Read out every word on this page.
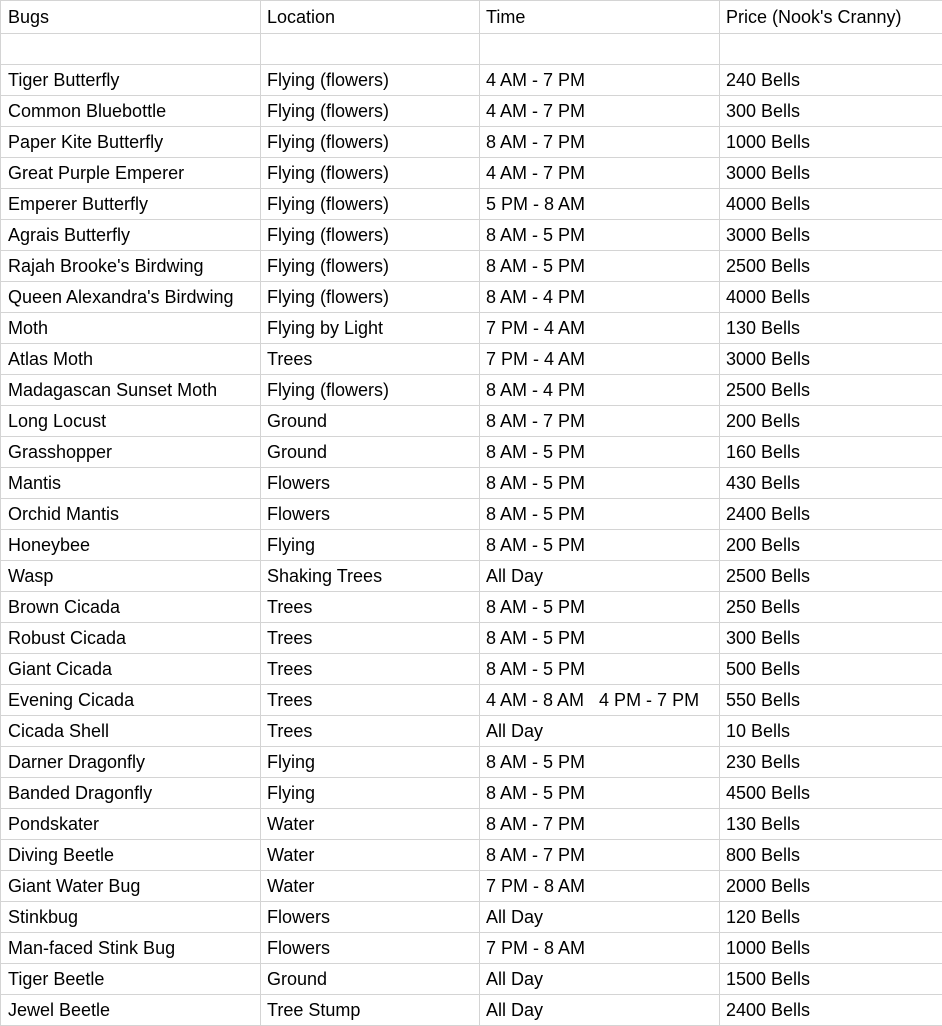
Bugs	Location	Time	Price (Nook's Cranny)

Tiger Butterfly	Flying (flowers)	4 AM - 7 PM	240 Bells
Common Bluebottle	Flying (flowers)	4 AM - 7 PM	300 Bells
Paper Kite Butterfly	Flying (flowers)	8 AM - 7 PM	1000 Bells
Great Purple Emperer	Flying (flowers)	4 AM - 7 PM	3000 Bells
Emperer Butterfly	Flying (flowers)	5 PM - 8 AM	4000 Bells
Agrais Butterfly	Flying (flowers)	8 AM - 5 PM	3000 Bells
Rajah Brooke's Birdwing	Flying (flowers)	8 AM - 5 PM	2500 Bells
Queen Alexandra's Birdwing	Flying (flowers)	8 AM - 4 PM	4000 Bells
Moth	Flying by Light	7 PM - 4 AM	130 Bells
Atlas Moth	Trees	7 PM - 4 AM	3000 Bells
Madagascan Sunset Moth	Flying (flowers)	8 AM - 4 PM	2500 Bells
Long Locust	Ground	8 AM - 7 PM	200 Bells
Grasshopper	Ground	8 AM - 5 PM	160 Bells
Mantis	Flowers	8 AM - 5 PM	430 Bells
Orchid Mantis	Flowers	8 AM - 5 PM	2400 Bells
Honeybee	Flying	8 AM - 5 PM	200 Bells
Wasp	Shaking Trees	All Day	2500 Bells
Brown Cicada	Trees	8 AM - 5 PM	250 Bells
Robust Cicada	Trees	8 AM - 5 PM	300 Bells
Giant Cicada	Trees	8 AM - 5 PM	500 Bells
Evening Cicada	Trees	4 AM - 8 AM 4 PM - 7 PM	550 Bells
Cicada Shell	Trees	All Day	10 Bells
Darner Dragonfly	Flying	8 AM - 5 PM	230 Bells
Banded Dragonfly	Flying	8 AM - 5 PM	4500 Bells
Pondskater	Water	8 AM - 7 PM	130 Bells
Diving Beetle	Water	8 AM - 7 PM	800 Bells
Giant Water Bug	Water	7 PM - 8 AM	2000 Bells
Stinkbug	Flowers	All Day	120 Bells
Man-faced Stink Bug	Flowers	7 PM - 8 AM	1000 Bells
Tiger Beetle	Ground	All Day	1500 Bells
Jewel Beetle	Tree Stump	All Day	2400 Bells
